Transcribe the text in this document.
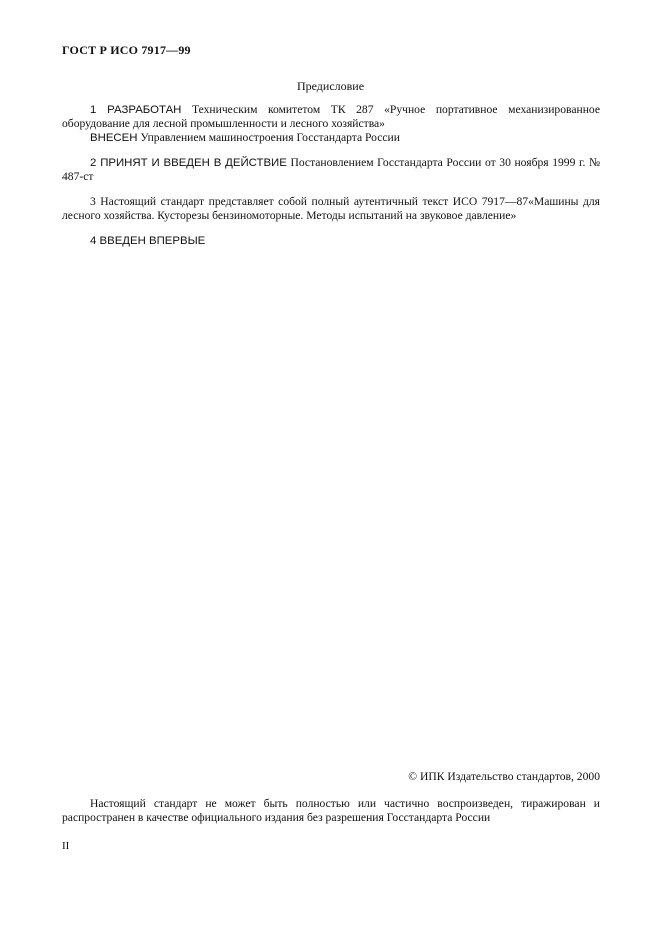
ГОСТ Р ИСО 7917—99
Предисловие

1 РАЗРАБОТАН Техническим комитетом ТК 287 «Ручное портативное механизированное оборудование для лесной промышленности и лесного хозяйства»

ВНЕСЕН Управлением машиностроения Госстандарта России

2 ПРИНЯТ И ВВЕДЕН В ДЕЙСТВИЕ Постановлением Госстандарта России от 30 ноября 1999 г. № 487-ст

3 Настоящий стандарт представляет собой полный аутентичный текст ИСО 7917—87«Машины для лесного хозяйства. Кусторезы бензиномоторные. Методы испытаний на звуковое давление»

4 ВВЕДЕН ВПЕРВЫЕ

© ИПК Издательство стандартов, 2000

Настоящий стандарт не может быть полностью или частично воспроизведен, тиражирован и распространен в качестве официального издания без разрешения Госстандарта России

II
